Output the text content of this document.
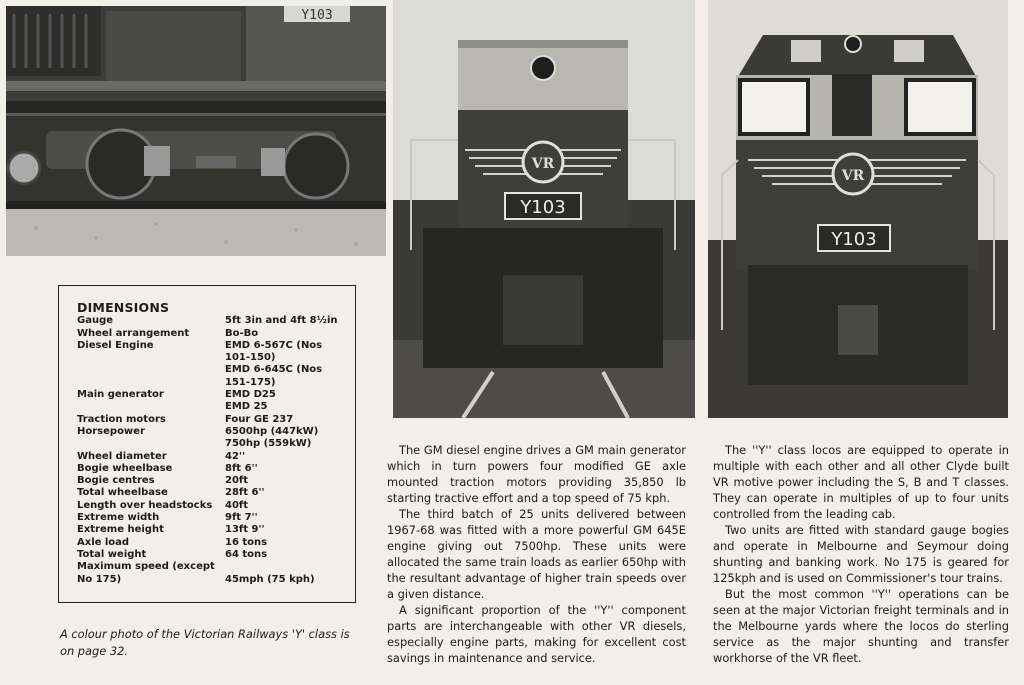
Y103
VR
Y103
VR
Y103
DIMENSIONS
Gauge	5ft 3in and 4ft 8½in
Wheel arrangement	Bo-Bo
Diesel Engine	EMD 6-567C (Nos 101-150)
EMD 6-645C (Nos 151-175)
Main generator	EMD D25
EMD 25
Traction motors	Four GE 237
Horsepower	6500hp (447kW)
750hp (559kW)
Wheel diameter	42''
Bogie wheelbase	8ft 6''
Bogie centres	20ft
Total wheelbase	28ft 6''
Length over headstocks	40ft
Extreme width	9ft 7''
Extreme height	13ft 9''
Axle load	16 tons
Total weight	64 tons
Maximum speed (except No 175)	45mph (75 kph)
A colour photo of the Victorian Railways 'Y' class is on page 32.

The GM diesel engine drives a GM main generator which in turn powers four modified GE axle mounted traction motors providing 35,850 lb starting tractive effort and a top speed of 75 kph.

The third batch of 25 units delivered between 1967-68 was fitted with a more powerful GM 645E engine giving out 7500hp. These units were allocated the same train loads as earlier 650hp with the resultant advantage of higher train speeds over a given distance.

A significant proportion of the ''Y'' component parts are interchangeable with other VR diesels, especially engine parts, making for excellent cost savings in maintenance and service.

The ''Y'' class locos are equipped to operate in multiple with each other and all other Clyde built VR motive power including the S, B and T classes. They can operate in multiples of up to four units controlled from the leading cab.

Two units are fitted with standard gauge bogies and operate in Melbourne and Seymour doing shunting and banking work. No 175 is geared for 125kph and is used on Commissioner's tour trains.

But the most common ''Y'' operations can be seen at the major Victorian freight terminals and in the Melbourne yards where the locos do sterling service as the major shunting and transfer workhorse of the VR fleet.
